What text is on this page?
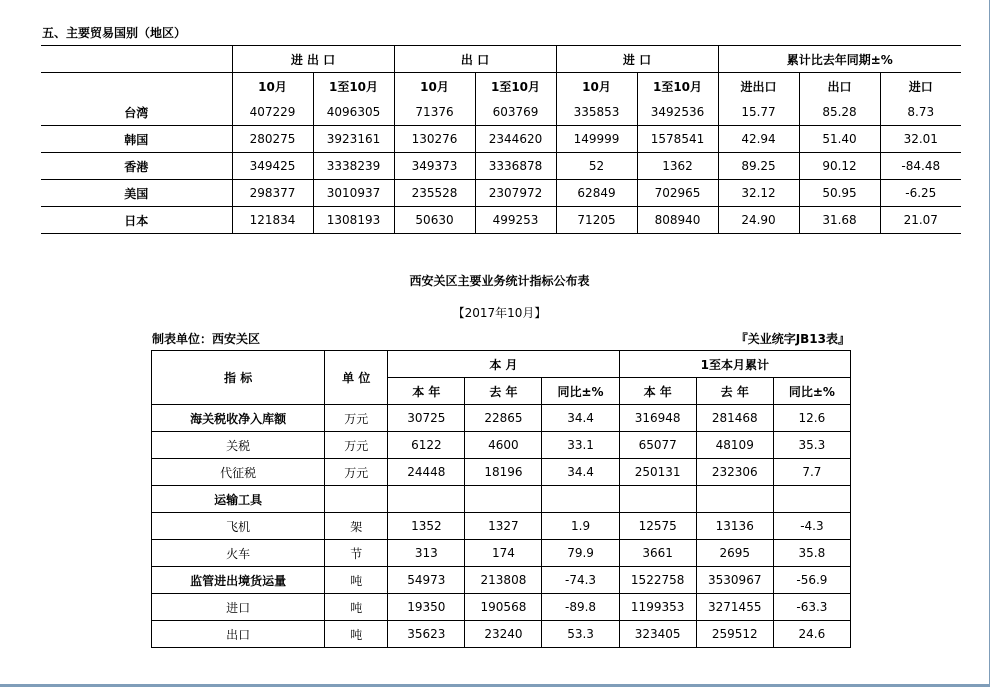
五、主要贸易国别（地区）
	进 出 口		出 口		进 口		累计比去年同期±%		
	10月	1至10月	10月	1至10月	10月	1至10月	进出口	出口	进口
台湾	407229	4096305	71376	603769	335853	3492536	15.77	85.28	8.73
韩国	280275	3923161	130276	2344620	149999	1578541	42.94	51.40	32.01
香港	349425	3338239	349373	3336878	52	1362	89.25	90.12	-84.48
美国	298377	3010937	235528	2307972	62849	702965	32.12	50.95	-6.25
日本	121834	1308193	50630	499253	71205	808940	24.90	31.68	21.07
西安关区主要业务统计指标公布表
【2017年10月】
制表单位：西安关区	『关业统字JB13表』
指 标	单 位	本 月			1至本月累计		
		本 年	去 年	同比±%	本 年	去 年	同比±%
海关税收净入库额	万元	30725	22865	34.4	316948	281468	12.6
关税	万元	6122	4600	33.1	65077	48109	35.3
代征税	万元	24448	18196	34.4	250131	232306	7.7
运输工具							
飞机	架	1352	1327	1.9	12575	13136	-4.3
火车	节	313	174	79.9	3661	2695	35.8
监管进出境货运量	吨	54973	213808	-74.3	1522758	3530967	-56.9
进口	吨	19350	190568	-89.8	1199353	3271455	-63.3
出口	吨	35623	23240	53.3	323405	259512	24.6
